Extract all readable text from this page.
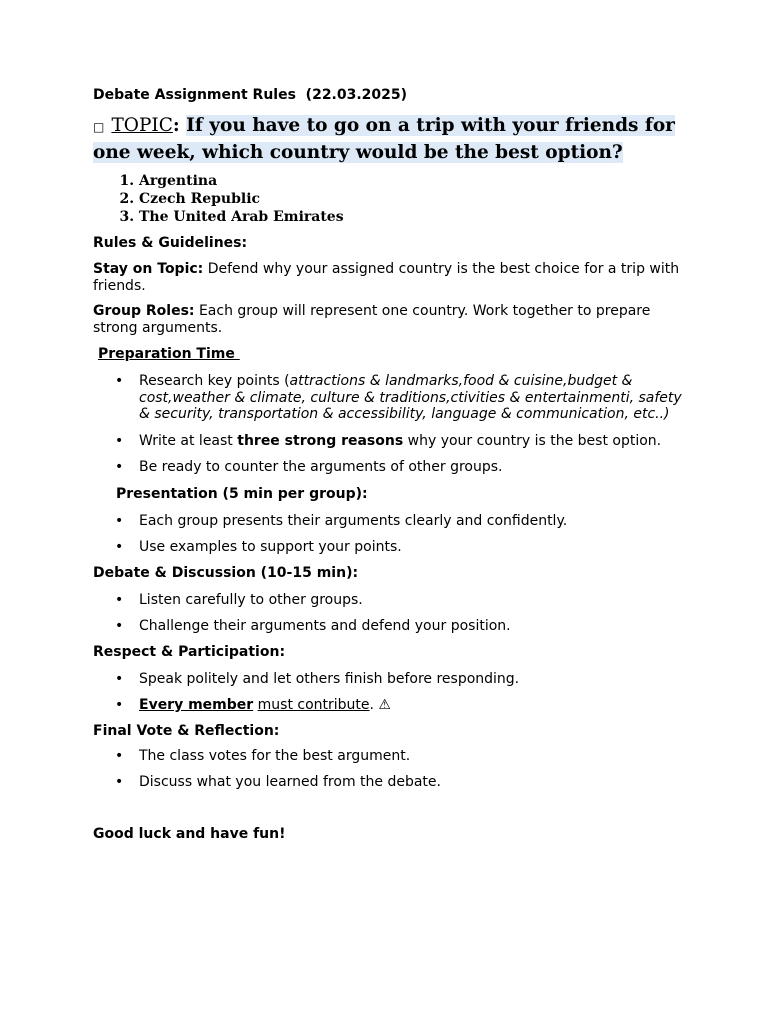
Debate Assignment Rules  (22.03.2025)
□ TOPIC: If you have to go on a trip with your friends for one week, which country would be the best option?
1. Argentina
2. Czech Republic
3. The United Arab Emirates
Rules & Guidelines:
Stay on Topic: Defend why your assigned country is the best choice for a trip with friends.
Group Roles: Each group will represent one country. Work together to prepare strong arguments.
Preparation Time
• Research key points (attractions & landmarks,food & cuisine,budget & cost,weather & climate, culture & traditions,ctivities & entertainmenti, safety & security, transportation & accessibility, language & communication, etc..)
• Write at least three strong reasons why your country is the best option.
• Be ready to counter the arguments of other groups.
Presentation (5 min per group):
• Each group presents their arguments clearly and confidently.
• Use examples to support your points.
Debate & Discussion (10-15 min):
• Listen carefully to other groups.
• Challenge their arguments and defend your position.
Respect & Participation:
• Speak politely and let others finish before responding.
• Every member must contribute. ⚠
Final Vote & Reflection:
• The class votes for the best argument.
• Discuss what you learned from the debate.
Good luck and have fun!
